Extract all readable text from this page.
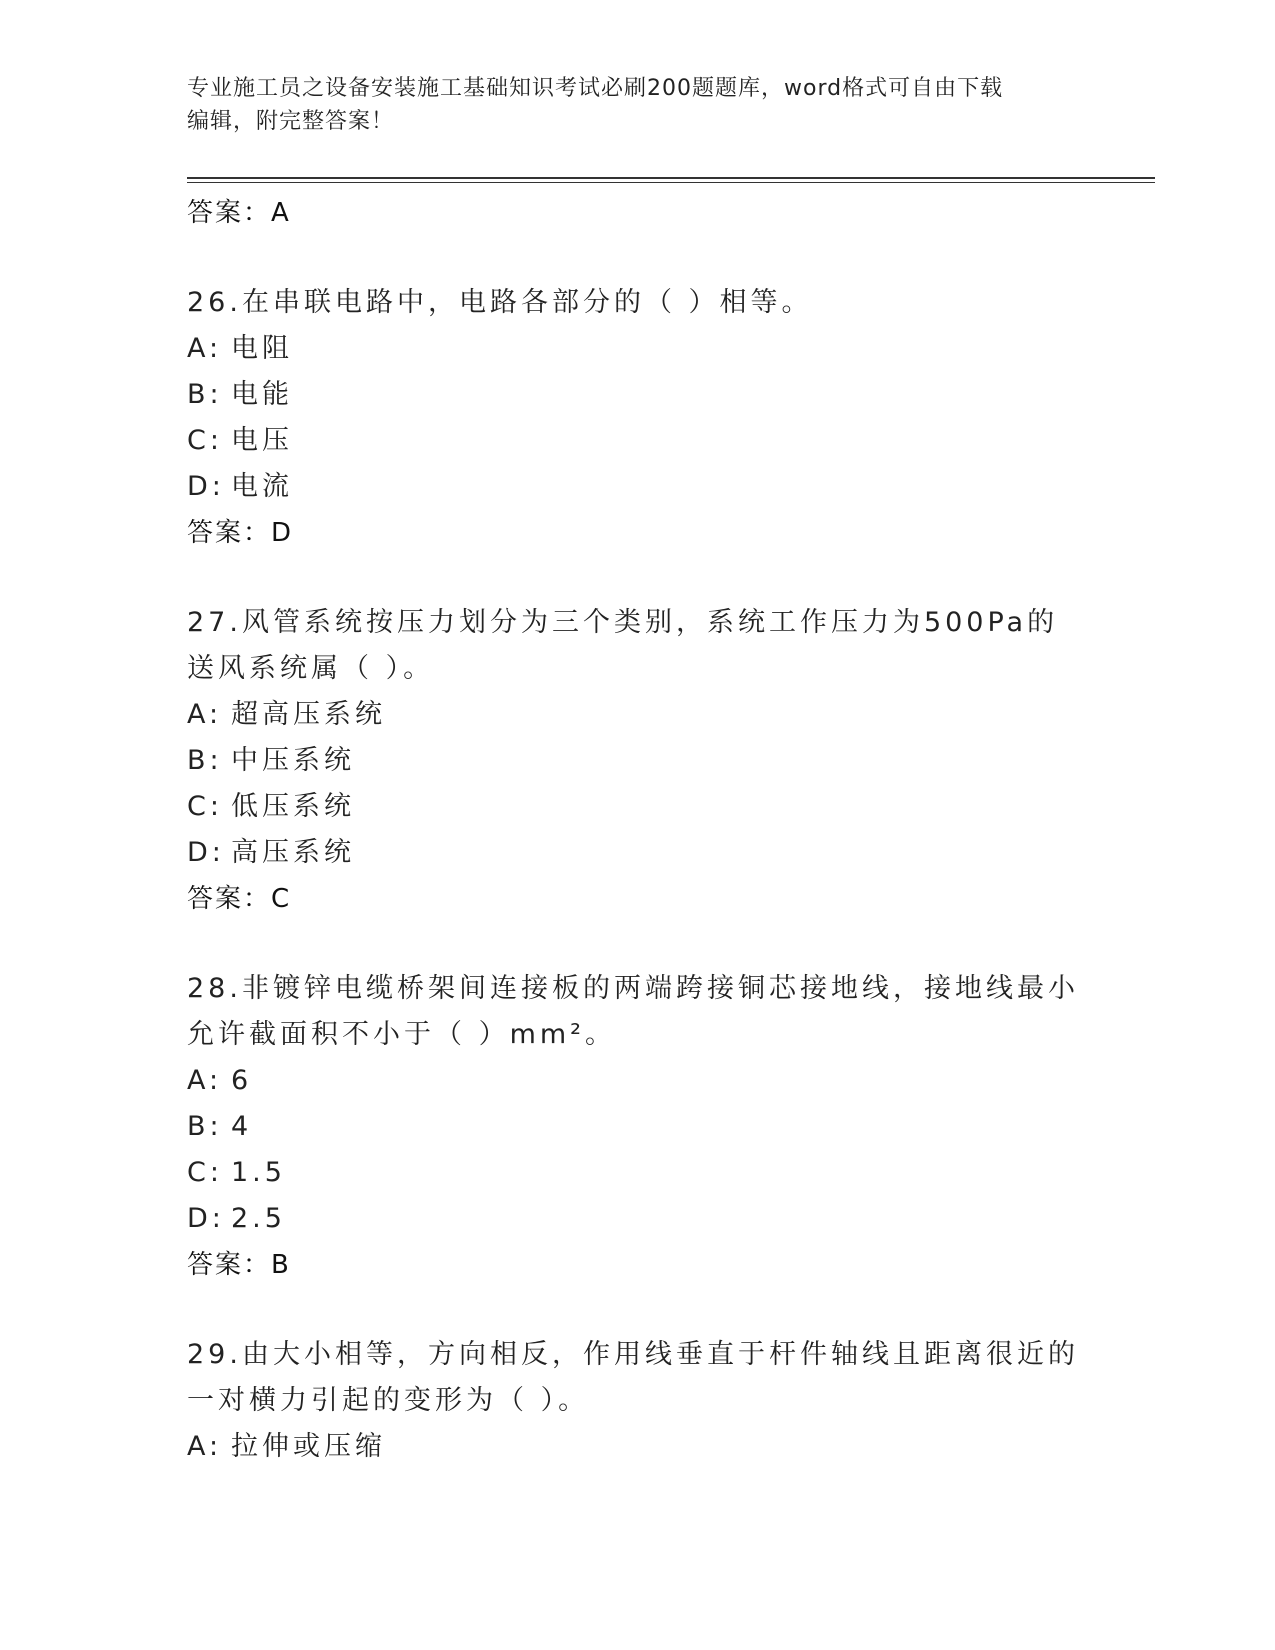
专业施工员之设备安装施工基础知识考试必刷200题题库，word格式可自由下载
编辑，附完整答案！
答案：A
26.在串联电路中，电路各部分的（ ）相等。
A: 电阻
B: 电能
C: 电压
D: 电流
答案：D
27.风管系统按压力划分为三个类别，系统工作压力为500Pa的送风系统属（ ）。
A: 超高压系统
B: 中压系统
C: 低压系统
D: 高压系统
答案：C
28.非镀锌电缆桥架间连接板的两端跨接铜芯接地线，接地线最小允许截面积不小于（ ）mm²。
A: 6
B: 4
C: 1.5
D: 2.5
答案：B
29.由大小相等，方向相反，作用线垂直于杆件轴线且距离很近的一对横力引起的变形为（ ）。
A: 拉伸或压缩
